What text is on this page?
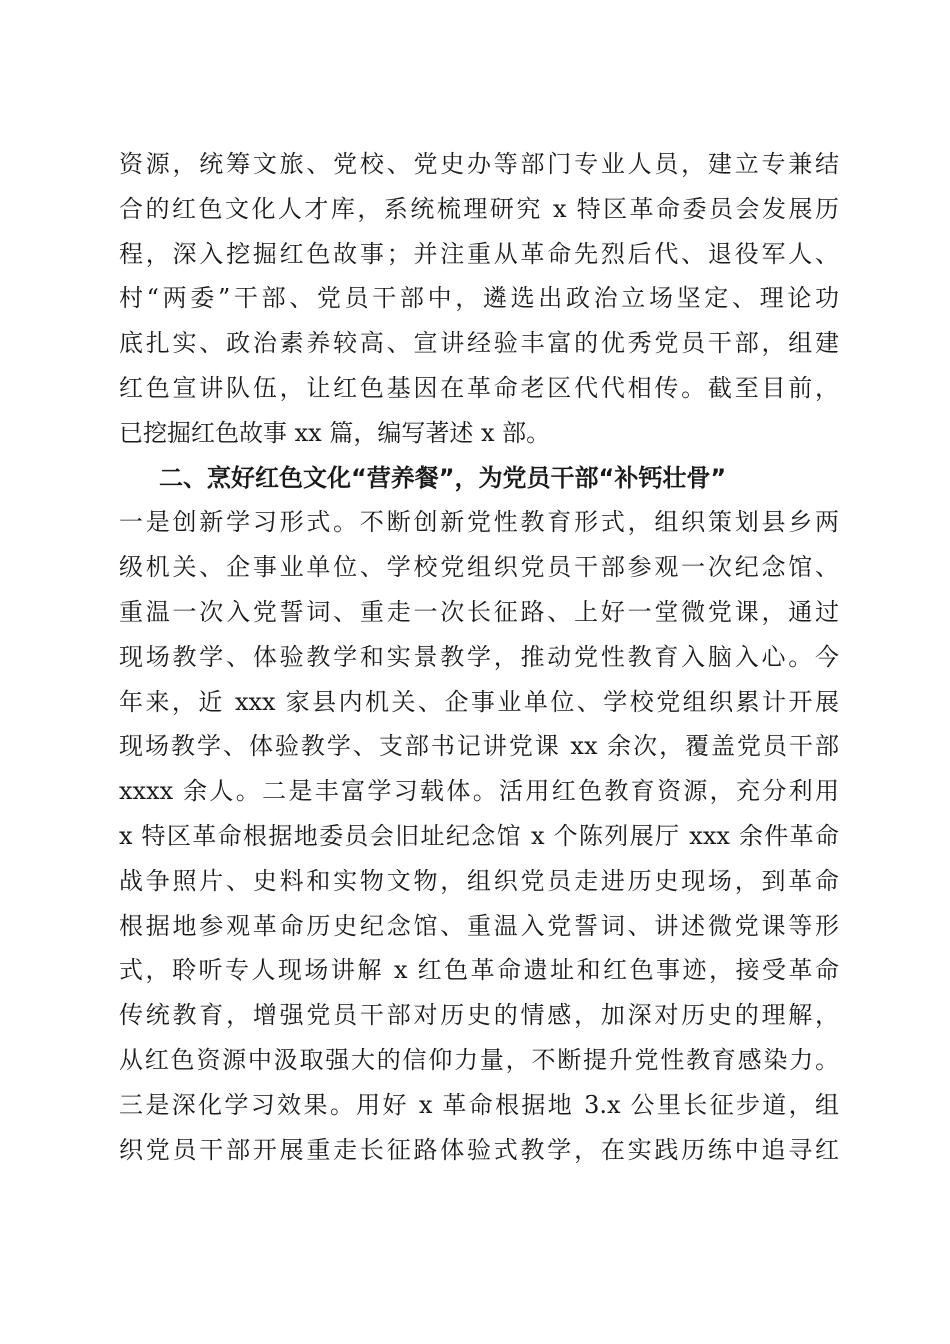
资源，统筹文旅、党校、党史办等部门专业人员，建立专兼结
合的红色文化人才库，系统梳理研究 x 特区革命委员会发展历
程，深入挖掘红色故事；并注重从革命先烈后代、退役军人、
村“两委”干部、党员干部中，遴选出政治立场坚定、理论功
底扎实、政治素养较高、宣讲经验丰富的优秀党员干部，组建
红色宣讲队伍，让红色基因在革命老区代代相传。截至目前，
已挖掘红色故事 xx 篇，编写著述 x 部。
二、烹好红色文化“营养餐”，为党员干部“补钙壮骨”
一是创新学习形式。不断创新党性教育形式，组织策划县乡两
级机关、企事业单位、学校党组织党员干部参观一次纪念馆、
重温一次入党誓词、重走一次长征路、上好一堂微党课，通过
现场教学、体验教学和实景教学，推动党性教育入脑入心。今
年来，近 xxx 家县内机关、企事业单位、学校党组织累计开展
现场教学、体验教学、支部书记讲党课 xx 余次，覆盖党员干部
xxxx 余人。二是丰富学习载体。活用红色教育资源，充分利用
x 特区革命根据地委员会旧址纪念馆 x 个陈列展厅 xxx 余件革命
战争照片、史料和实物文物，组织党员走进历史现场，到革命
根据地参观革命历史纪念馆、重温入党誓词、讲述微党课等形
式，聆听专人现场讲解 x 红色革命遗址和红色事迹，接受革命
传统教育，增强党员干部对历史的情感，加深对历史的理解，
从红色资源中汲取强大的信仰力量，不断提升党性教育感染力。
三是深化学习效果。用好 x 革命根据地 3.x 公里长征步道，组
织党员干部开展重走长征路体验式教学，在实践历练中追寻红
